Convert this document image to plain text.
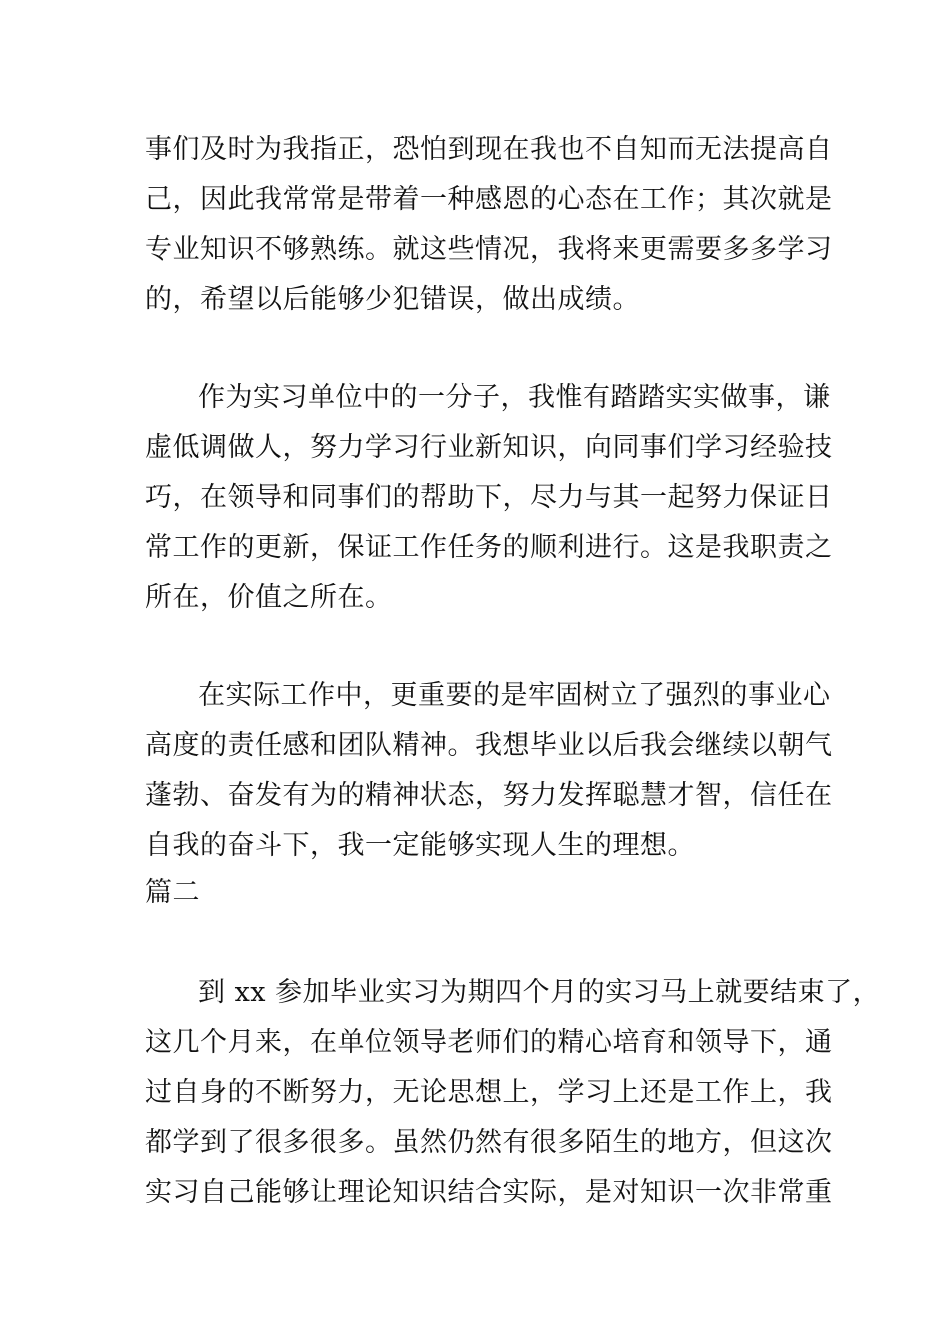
事们及时为我指正，恐怕到现在我也不自知而无法提高自
己，因此我常常是带着一种感恩的心态在工作；其次就是
专业知识不够熟练。就这些情况，我将来更需要多多学习
的，希望以后能够少犯错误，做出成绩。
作为实习单位中的一分子，我惟有踏踏实实做事，谦
虚低调做人，努力学习行业新知识，向同事们学习经验技
巧，在领导和同事们的帮助下，尽力与其一起努力保证日
常工作的更新，保证工作任务的顺利进行。这是我职责之
所在，价值之所在。
在实际工作中，更重要的是牢固树立了强烈的事业心
高度的责任感和团队精神。我想毕业以后我会继续以朝气
蓬勃、奋发有为的精神状态，努力发挥聪慧才智，信任在
自我的奋斗下，我一定能够实现人生的理想。
篇二
到 xx 参加毕业实习为期四个月的实习马上就要结束了，
这几个月来，在单位领导老师们的精心培育和领导下，通
过自身的不断努力，无论思想上，学习上还是工作上，我
都学到了很多很多。虽然仍然有很多陌生的地方，但这次
实习自己能够让理论知识结合实际，是对知识一次非常重
